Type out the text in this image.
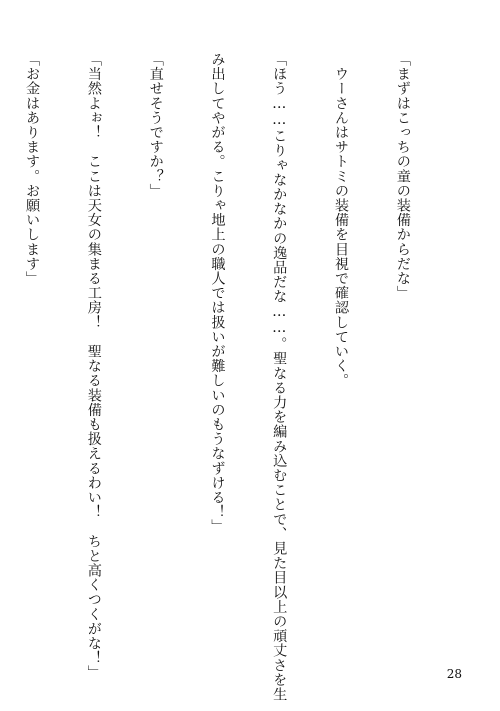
「まずはこっちの童の装備からだな」

　ウーさんはサトミの装備を目視で確認していく。

「ほう……こりゃなかなかの逸品だな……。聖なる力を編み込むことで、見た目以上の頑丈さを生

み出してやがる。こりゃ地上の職人では扱いが難しいのもうなずける！」

「直せそうですか？」

「当然よぉ！　ここは天女の集まる工房！　聖なる装備も扱えるわい！　ちと高くつくがな！」

「お金はあります。お願いします」

28
